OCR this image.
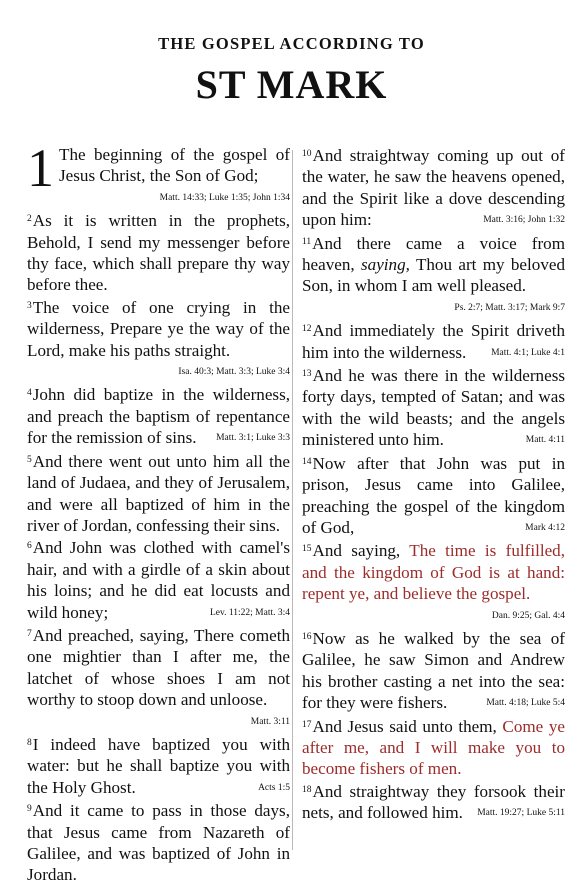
THE GOSPEL ACCORDING TO
ST MARK

1 The beginning of the gospel of Jesus Christ, the Son of God;
Matt. 14:33; Luke 1:35; John 1:34

$^2$As it is written in the prophets, Behold, I send my messenger before thy face, which shall prepare thy way before thee.

$^3$The voice of one crying in the wilderness, Prepare ye the way of the Lord, make his paths straight.
Isa. 40:3; Matt. 3:3; Luke 3:4

$^4$John did baptize in the wilderness, and preach the baptism of repentance for the remission of sins. Matt. 3:1; Luke 3:3

$^5$And there went out unto him all the land of Judaea, and they of Jerusalem, and were all baptized of him in the river of Jordan, confessing their sins.

$^6$And John was clothed with camel's hair, and with a girdle of a skin about his loins; and he did eat locusts and wild honey;	Lev. 11:22; Matt. 3:4

$^7$And preached, saying, There cometh one mightier than I after me, the latchet of whose shoes I am not worthy to stoop down and unloose.
Matt. 3:11

$^8$I indeed have baptized you with water: but he shall baptize you with the Holy Ghost.	Acts 1:5

$^9$And it came to pass in those days, that Jesus came from Nazareth of Galilee, and was baptized of John in Jordan.

$^{10}$And straightway coming up out of the water, he saw the heavens opened, and the Spirit like a dove descending upon him:	Matt. 3:16; John 1:32

$^{11}$And there came a voice from heaven, saying, Thou art my beloved Son, in whom I am well pleased.
Ps. 2:7; Matt. 3:17; Mark 9:7

$^{12}$And immediately the Spirit driveth him into the wilderness.	Matt. 4:1; Luke 4:1

$^{13}$And he was there in the wilderness forty days, tempted of Satan; and was with the wild beasts; and the angels ministered unto him.	Matt. 4:11

$^{14}$Now after that John was put in prison, Jesus came into Galilee, preaching the gospel of the kingdom of God,	Mark 4:12

$^{15}$And saying, The time is fulfilled, and the kingdom of God is at hand: repent ye, and believe the gospel.
Dan. 9:25; Gal. 4:4

$^{16}$Now as he walked by the sea of Galilee, he saw Simon and Andrew his brother casting a net into the sea: for they were fishers.	Matt. 4:18; Luke 5:4

$^{17}$And Jesus said unto them, Come ye after me, and I will make you to become fishers of men.

$^{18}$And straightway they forsook their nets, and followed him. Matt. 19:27; Luke 5:11
